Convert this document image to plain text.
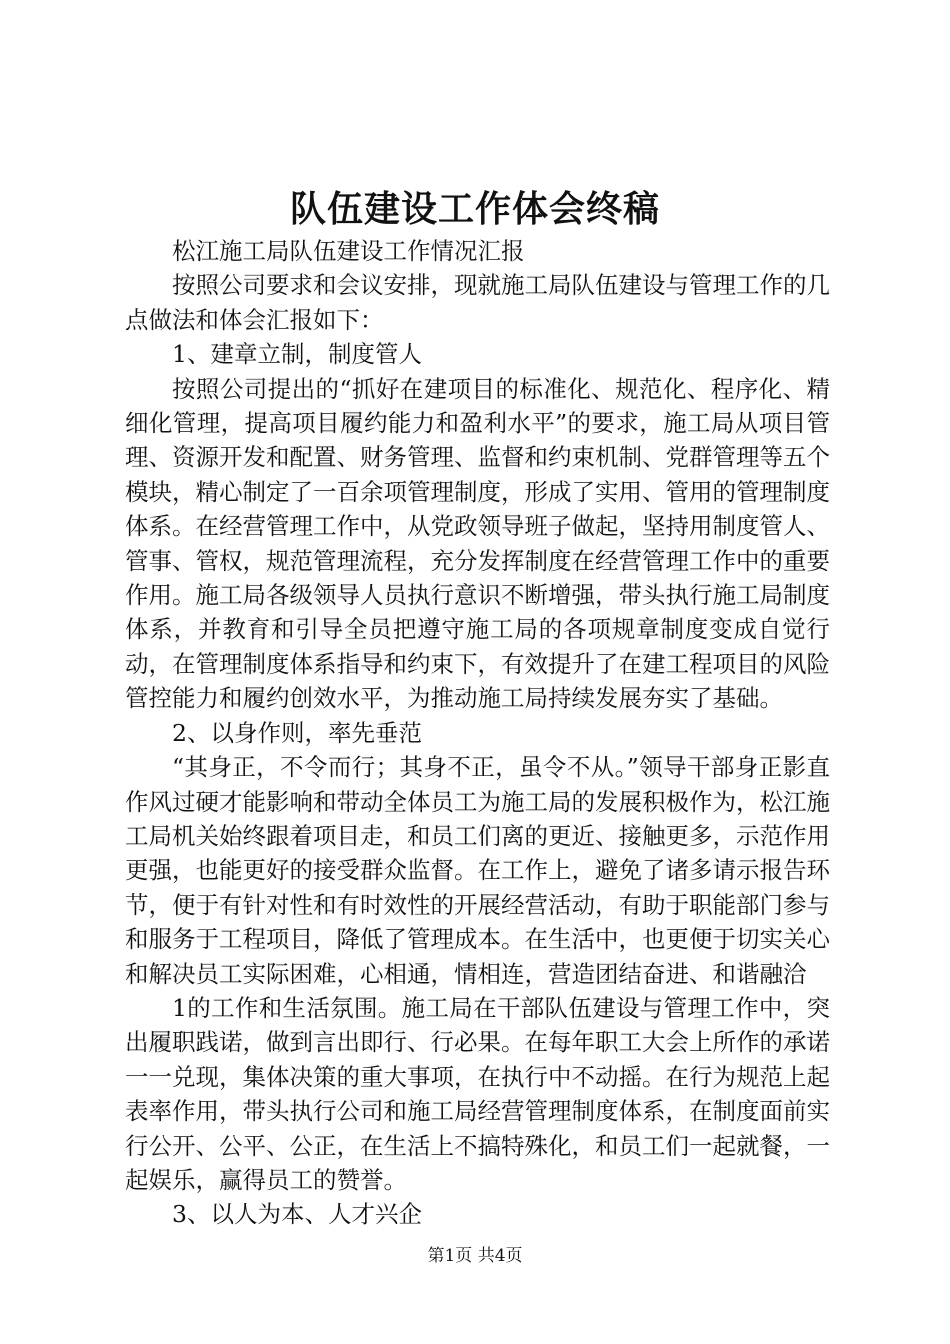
队伍建设工作体会终稿

松江施工局队伍建设工作情况汇报

按照公司要求和会议安排，现就施工局队伍建设与管理工作的几点做法和体会汇报如下：

1、建章立制，制度管人

按照公司提出的“抓好在建项目的标准化、规范化、程序化、精细化管理，提高项目履约能力和盈利水平”的要求，施工局从项目管理、资源开发和配置、财务管理、监督和约束机制、党群管理等五个模块，精心制定了一百余项管理制度，形成了实用、管用的管理制度体系。在经营管理工作中，从党政领导班子做起，坚持用制度管人、管事、管权，规范管理流程，充分发挥制度在经营管理工作中的重要作用。施工局各级领导人员执行意识不断增强，带头执行施工局制度体系，并教育和引导全员把遵守施工局的各项规章制度变成自觉行动，在管理制度体系指导和约束下，有效提升了在建工程项目的风险管控能力和履约创效水平，为推动施工局持续发展夯实了基础。

2、以身作则，率先垂范

“其身正，不令而行；其身不正，虽令不从。”领导干部身正影直作风过硬才能影响和带动全体员工为施工局的发展积极作为，松江施工局机关始终跟着项目走，和员工们离的更近、接触更多，示范作用更强，也能更好的接受群众监督。在工作上，避免了诸多请示报告环节，便于有针对性和有时效性的开展经营活动，有助于职能部门参与和服务于工程项目，降低了管理成本。在生活中，也更便于切实关心和解决员工实际困难，心相通，情相连，营造团结奋进、和谐融洽

1的工作和生活氛围。施工局在干部队伍建设与管理工作中，突出履职践诺，做到言出即行、行必果。在每年职工大会上所作的承诺一一兑现，集体决策的重大事项，在执行中不动摇。在行为规范上起表率作用，带头执行公司和施工局经营管理制度体系，在制度面前实行公开、公平、公正，在生活上不搞特殊化，和员工们一起就餐，一起娱乐，赢得员工的赞誉。

3、以人为本、人才兴企

第1页 共4页
